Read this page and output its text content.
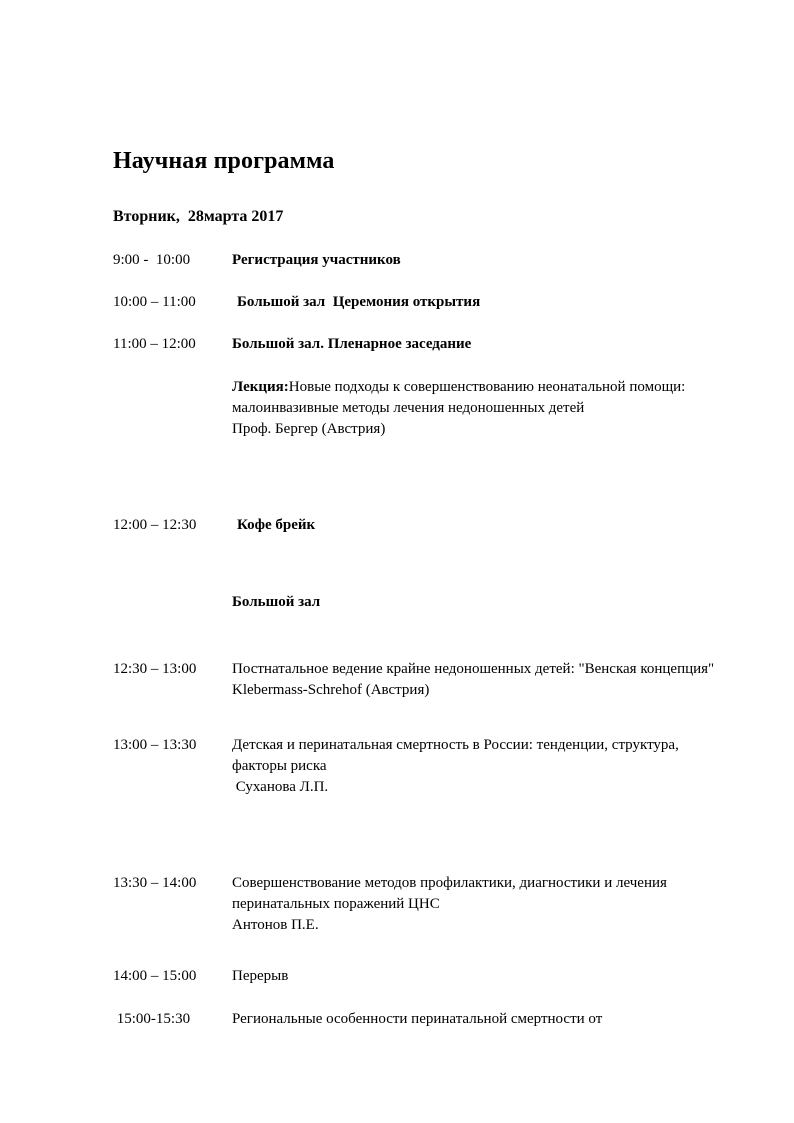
Научная программа
Вторник,  28марта 2017
9:00 -  10:00	Регистрация участников
10:00 – 11:00	Большой зал  Церемония открытия
11:00 – 12:00	Большой зал. Пленарное заседание
Лекция:Новые подходы к совершенствованию неонатальной помощи: малоинвазивные методы лечения недоношенных детей
Проф. Бергер (Австрия)
12:00 – 12:30	Кофе брейк
Большой зал
12:30 – 13:00	Постнатальное ведение крайне недоношенных детей: "Венская концепция"
Klebermass-Schrehof (Австрия)
13:00 – 13:30	Детская и перинатальная смертность в России: тенденции, структура, факторы риска
Суханова Л.П.
13:30 – 14:00	Совершенствование методов профилактики, диагностики и лечения перинатальных поражений ЦНС
Антонов П.Е.
14:00 – 15:00	Перерыв
15:00-15:30	Региональные особенности перинатальной смертности от
